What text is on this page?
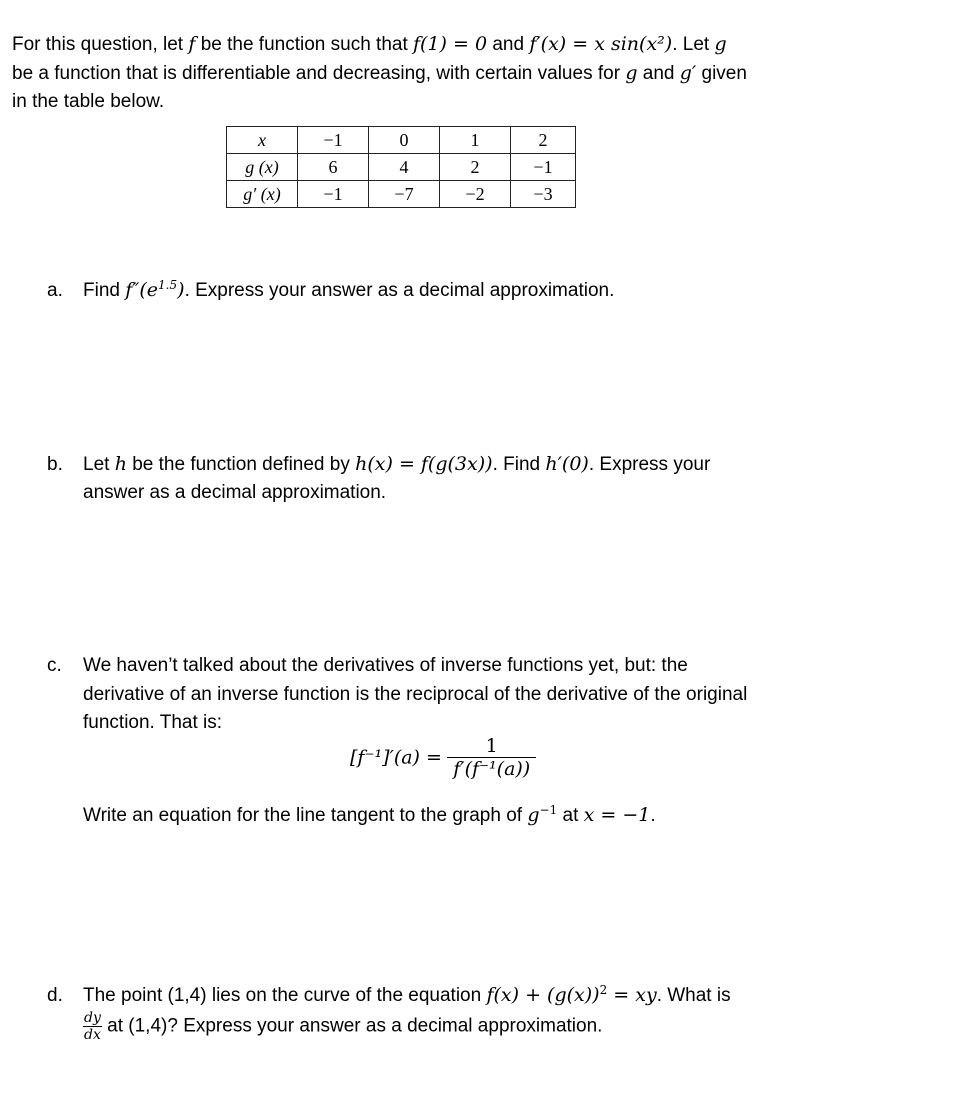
For this question, let f be the function such that f(1) = 0 and f′(x) = x sin(x²). Let g
be a function that is differentiable and decreasing, with certain values for g and g′ given
in the table below.
x	−1	0	1	2
g (x)	6	4	2	−1
g′ (x)	−1	−7	−2	−3
a. Find $f''(e^{1.5})$. Express your answer as a decimal approximation.
b. Let h be the function defined by h(x) = f(g(3x)). Find h′(0). Express your
answer as a decimal approximation.
c. We haven’t talked about the derivatives of inverse functions yet, but: the
derivative of an inverse function is the reciprocal of the derivative of the original
function. That is:
$[f^{-1}]'(a) = \frac{1}{\text{f′(f⁻¹(a))}}$
Write an equation for the line tangent to the graph of $g^{-1}$ at x = −1.
d. The point (1,4) lies on the curve of the equation $f(x) + (g(x))^2$ = xy. What is
$\frac{dy}{dx}$ at (1,4)? Express your answer as a decimal approximation.
